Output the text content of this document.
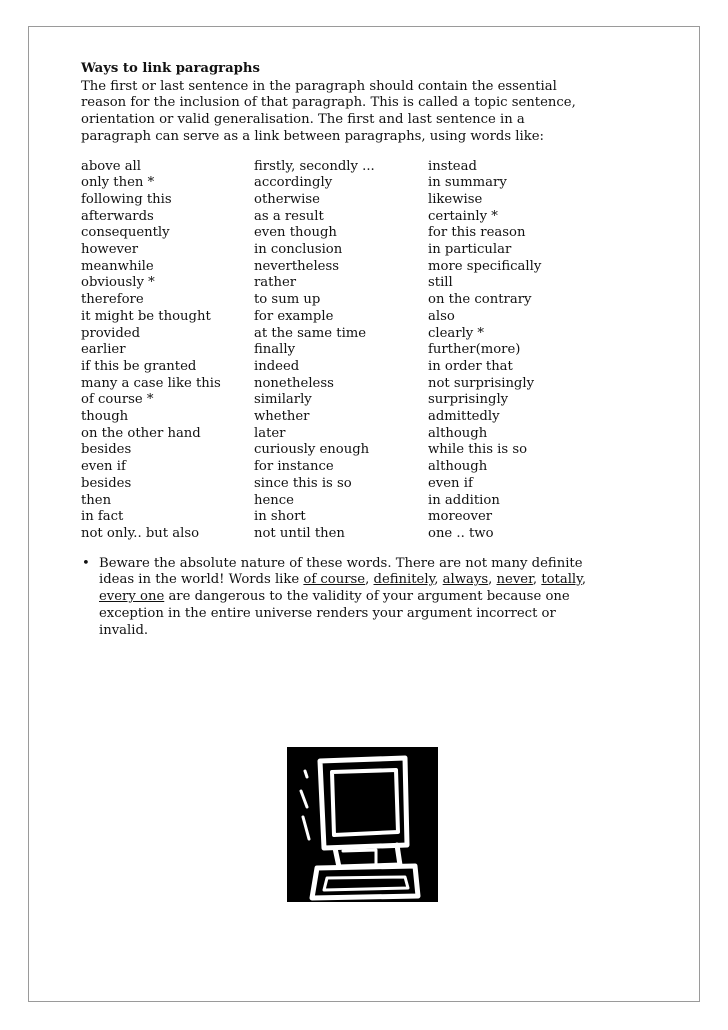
Ways to link paragraphs

The first or last sentence in the paragraph should contain the essential reason for the inclusion of that paragraph. This is called a topic sentence, orientation or valid generalisation. The first and last sentence in a paragraph can serve as a link between paragraphs, using words like:

above all
only then *
following this
afterwards
consequently
however
meanwhile
obviously *
therefore
it might be thought
provided
earlier
if this be granted
many a case like this
of course *
though
on the other hand
besides
even if
besides
then
in fact
not only.. but also
firstly, secondly ...
accordingly
otherwise
as a result
even though
in conclusion
nevertheless
rather
to sum up
for example
at the same time
finally
indeed
nonetheless
similarly
whether
later
curiously enough
for instance
since this is so
hence
in short
not until then
instead
in summary
likewise
certainly *
for this reason
in particular
more specifically
still
on the contrary
also
clearly *
further(more)
in order that
not surprisingly
surprisingly
admittedly
although
while this is so
although
even if
in addition
moreover
one .. two
• Beware the absolute nature of these words. There are not many definite ideas in the world! Words like of course, definitely, always, never, totally, every one are dangerous to the validity of your argument because one exception in the entire universe renders your argument incorrect or invalid.
